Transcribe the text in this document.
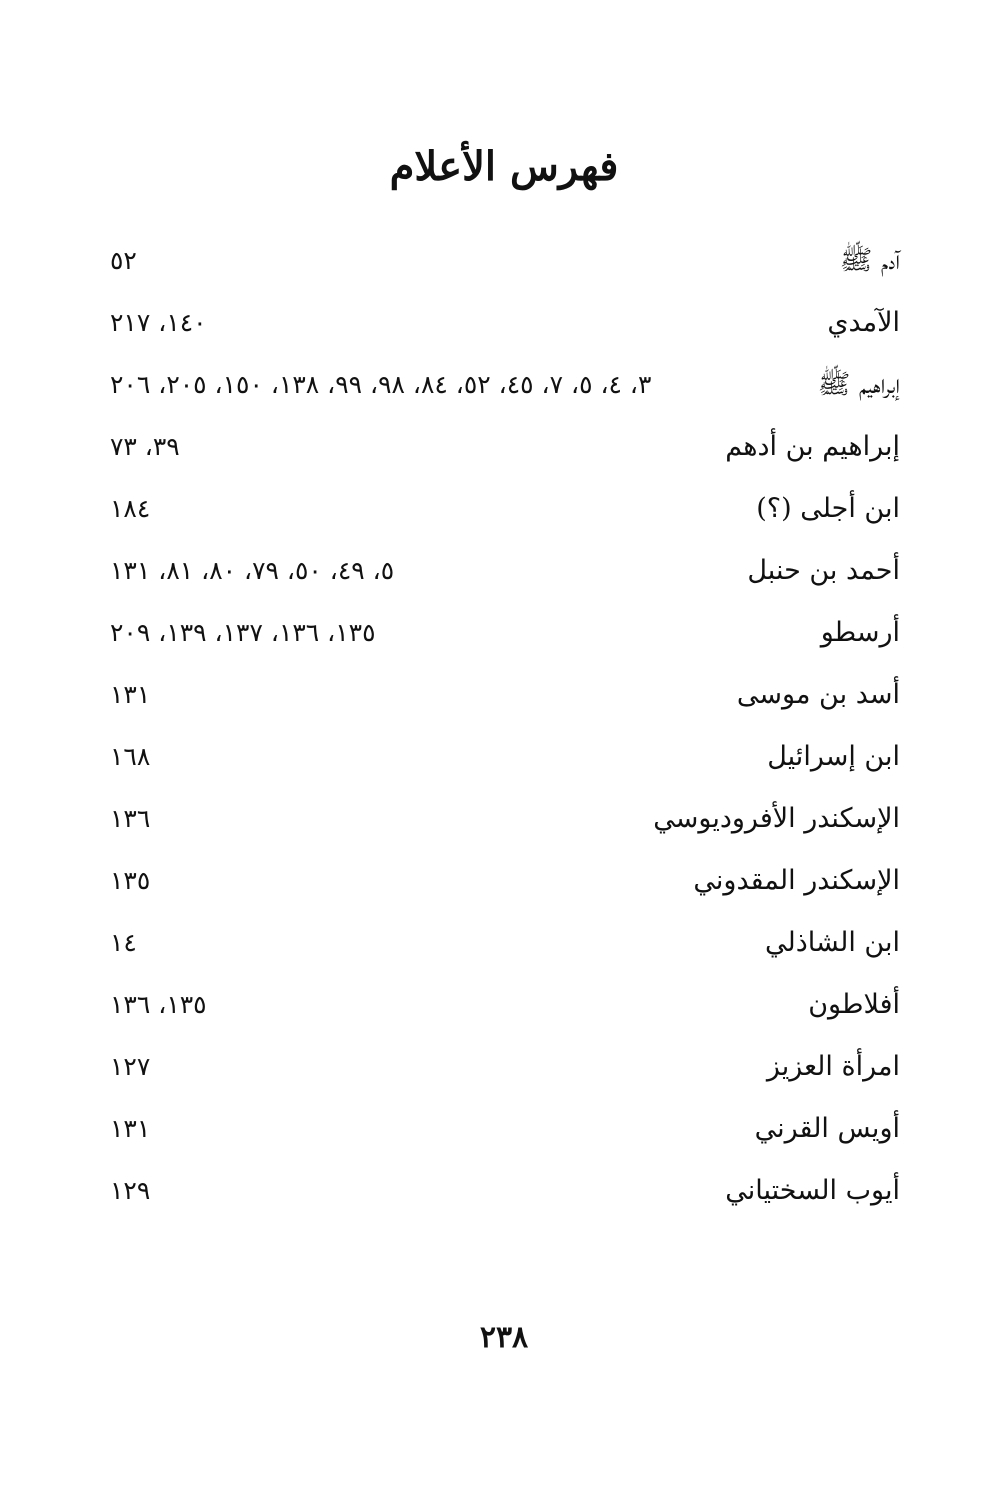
فهرس الأعلام
آدم ﷺ
٥٢
الآمدي
١٤٠، ٢١٧
إبراهيم ﷺ
٣، ٤، ٥، ٧، ٤٥، ٥٢، ٨٤، ٩٨، ٩٩، ١٣٨، ١٥٠، ٢٠٥، ٢٠٦
إبراهيم بن أدهم
٣٩، ٧٣
ابن أجلى (؟)
١٨٤
أحمد بن حنبل
٥، ٤٩، ٥٠، ٧٩، ٨٠، ٨١، ١٣١
أرسطو
١٣٥، ١٣٦، ١٣٧، ١٣٩، ٢٠٩
أسد بن موسى
١٣١
ابن إسرائيل
١٦٨
الإسكندر الأفروديوسي
١٣٦
الإسكندر المقدوني
١٣٥
ابن الشاذلي
١٤
أفلاطون
١٣٥، ١٣٦
امرأة العزيز
١٢٧
أويس القرني
١٣١
أيوب السختياني
١٢٩
٢٣٨
